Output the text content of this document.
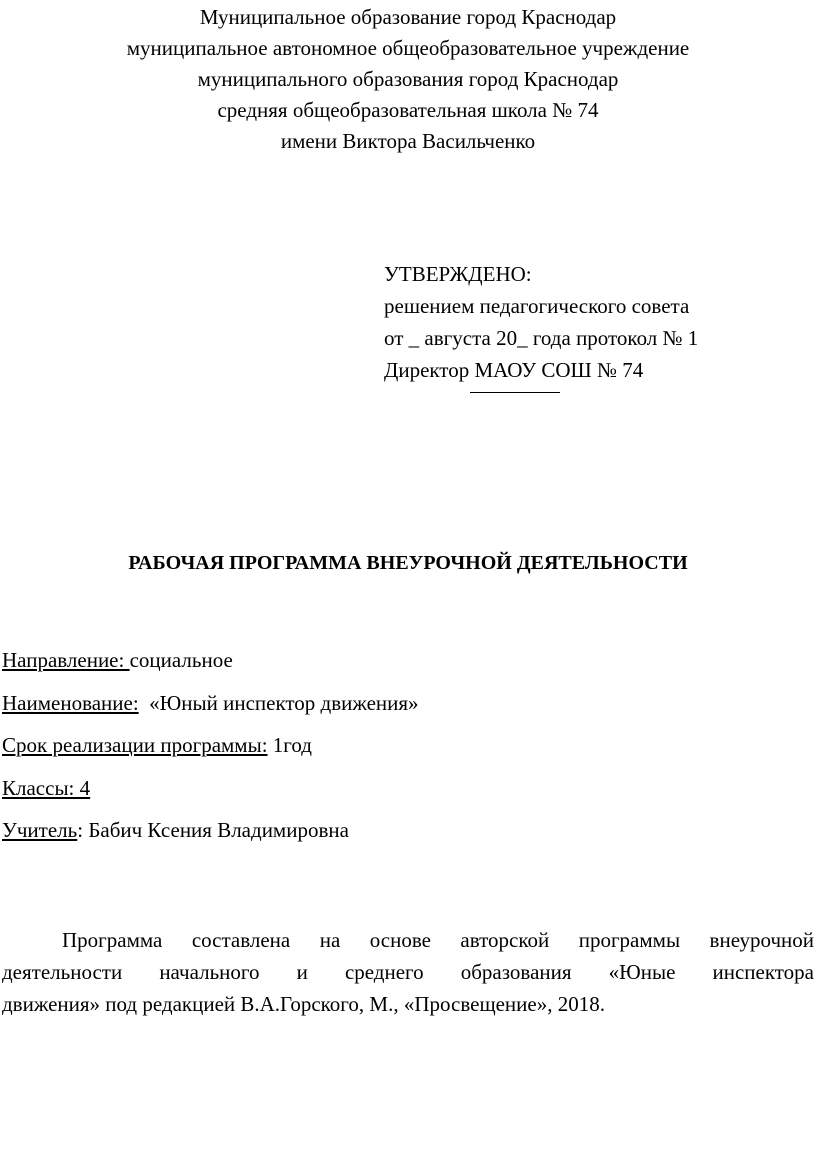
Муниципальное образование город Краснодар
муниципальное автономное общеобразовательное учреждение
муниципального образования город Краснодар
средняя общеобразовательная школа № 74
имени Виктора Васильченко
УТВЕРЖДЕНО:
решением педагогического совета
от _ августа 20_ года протокол № 1
Директор МАОУ СОШ № 74
РАБОЧАЯ ПРОГРАММА ВНЕУРОЧНОЙ ДЕЯТЕЛЬНОСТИ
Направление: социальное
Наименование: «Юный инспектор движения»
Срок реализации программы: 1год
Классы: 4
Учитель: Бабич Ксения Владимировна
Программа составлена на основе авторской программы внеурочной
деятельности начального и среднего образования «Юные инспектора
движения» под редакцией В.А.Горского, М., «Просвещение», 2018.
